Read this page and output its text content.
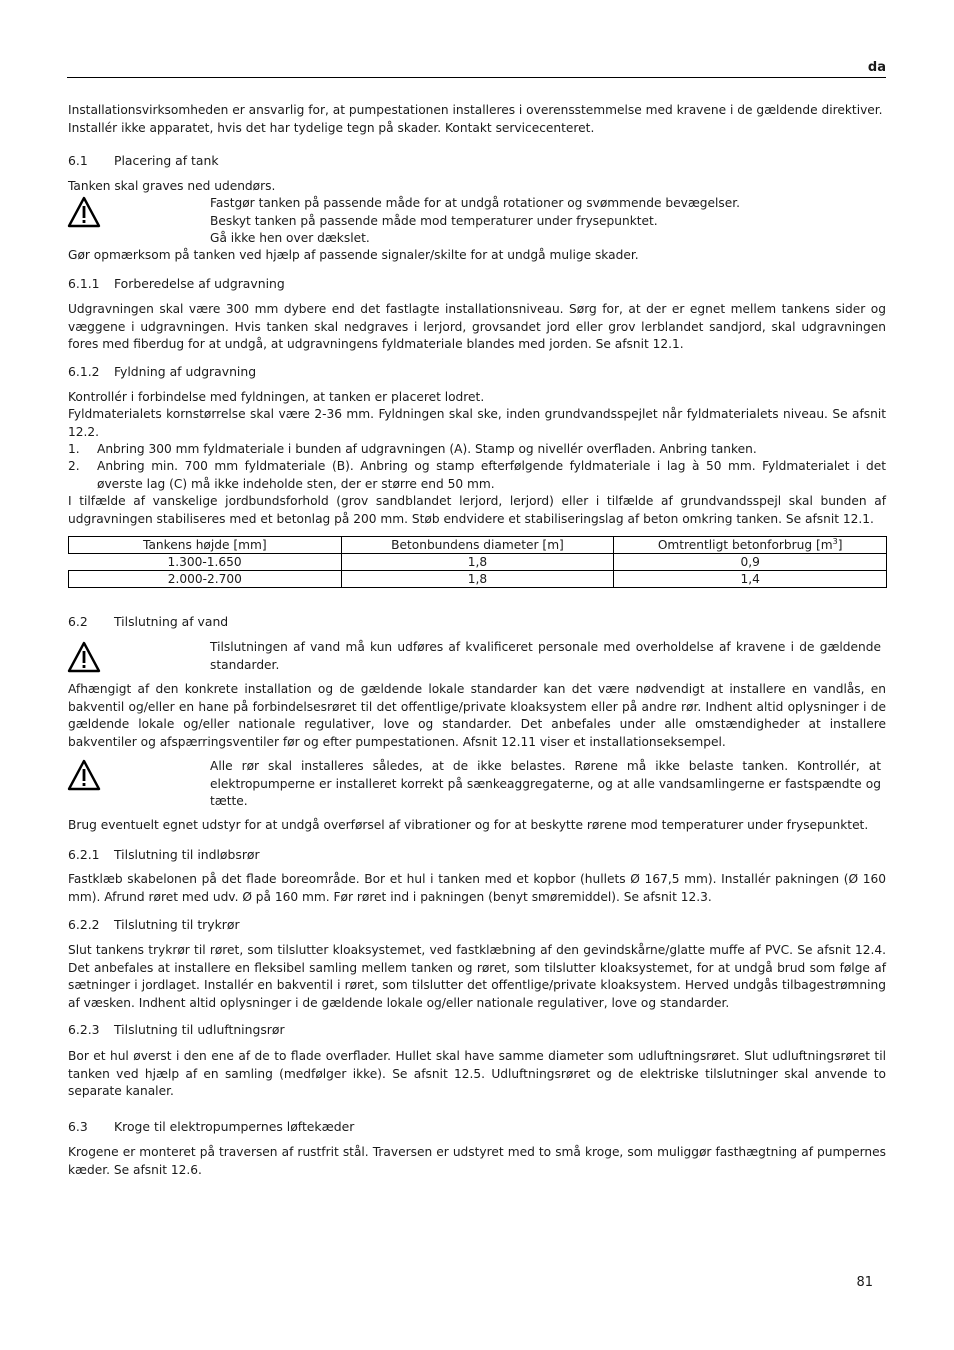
da

Installationsvirksomheden er ansvarlig for, at pumpestationen installeres i overensstemmelse med kravene i de gældende direktiver.
Installér ikke apparatet, hvis det har tydelige tegn på skader. Kontakt servicecenteret.

6.1 Placering af tank

Tanken skal graves ned udendørs.

Fastgør tanken på passende måde for at undgå rotationer og svømmende bevægelser.
Beskyt tanken på passende måde mod temperaturer under frysepunktet.
Gå ikke hen over dækslet.

Gør opmærksom på tanken ved hjælp af passende signaler/skilte for at undgå mulige skader.

6.1.1 Forberedelse af udgravning

Udgravningen skal være 300 mm dybere end det fastlagte installationsniveau. Sørg for, at der er egnet mellem tankens sider og væggene i udgravningen. Hvis tanken skal nedgraves i lerjord, grovsandet jord eller grov lerblandet sandjord, skal udgravningen fores med fiberdug for at undgå, at udgravningens fyldmateriale blandes med jorden. Se afsnit 12.1.

6.1.2 Fyldning af udgravning

Kontrollér i forbindelse med fyldningen, at tanken er placeret lodret.

Fyldmaterialets kornstørrelse skal være 2-36 mm. Fyldningen skal ske, inden grundvandsspejlet når fyldmaterialets niveau. Se afsnit 12.2.

1. Anbring 300 mm fyldmateriale i bunden af udgravningen (A). Stamp og nivellér overfladen. Anbring tanken.
2. Anbring min. 700 mm fyldmateriale (B). Anbring og stamp efterfølgende fyldmateriale i lag à 50 mm. Fyldmaterialet i det øverste lag (C) må ikke indeholde sten, der er større end 50 mm.

I tilfælde af vanskelige jordbundsforhold (grov sandblandet lerjord, lerjord) eller i tilfælde af grundvandsspejl skal bunden af udgravningen stabiliseres med et betonlag på 200 mm. Støb endvidere et stabiliseringslag af beton omkring tanken. Se afsnit 12.1.

Tankens højde [mm]	Betonbundens diameter [m]	Omtrentligt betonforbrug $[m^3]$
1.300-1.650	1,8	0,9
2.000-2.700	1,8	1,4
6.2 Tilslutning af vand

Tilslutningen af vand må kun udføres af kvalificeret personale med overholdelse af kravene i de gældende standarder.

Afhængigt af den konkrete installation og de gældende lokale standarder kan det være nødvendigt at installere en vandlås, en bakventil og/eller en hane på forbindelsesrøret til det offentlige/private kloaksystem eller på andre rør. Indhent altid oplysninger i de gældende lokale og/eller nationale regulativer, love og standarder. Det anbefales under alle omstændigheder at installere bakventiler og afspærringsventiler før og efter pumpestationen. Afsnit 12.11 viser et installationseksempel.

Alle rør skal installeres således, at de ikke belastes. Rørene må ikke belaste tanken. Kontrollér, at elektropumperne er installeret korrekt på sænkeaggregaterne, og at alle vandsamlingerne er fastspændte og tætte.

Brug eventuelt egnet udstyr for at undgå overførsel af vibrationer og for at beskytte rørene mod temperaturer under frysepunktet.

6.2.1 Tilslutning til indløbsrør

Fastklæb skabelonen på det flade boreområde. Bor et hul i tanken med et kopbor (hullets Ø 167,5 mm). Installér pakningen (Ø 160 mm). Afrund røret med udv. Ø på 160 mm. Før røret ind i pakningen (benyt smøremiddel). Se afsnit 12.3.

6.2.2 Tilslutning til trykrør

Slut tankens trykrør til røret, som tilslutter kloaksystemet, ved fastklæbning af den gevindskårne/glatte muffe af PVC. Se afsnit 12.4. Det anbefales at installere en fleksibel samling mellem tanken og røret, som tilslutter kloaksystemet, for at undgå brud som følge af sætninger i jordlaget. Installér en bakventil i røret, som tilslutter det offentlige/private kloaksystem. Herved undgås tilbagestrømning af væsken. Indhent altid oplysninger i de gældende lokale og/eller nationale regulativer, love og standarder.

6.2.3 Tilslutning til udluftningsrør

Bor et hul øverst i den ene af de to flade overflader. Hullet skal have samme diameter som udluftningsrøret. Slut udluftningsrøret til tanken ved hjælp af en samling (medfølger ikke). Se afsnit 12.5. Udluftningsrøret og de elektriske tilslutninger skal anvende to separate kanaler.

6.3 Kroge til elektropumpernes løftekæder

Krogene er monteret på traversen af rustfrit stål. Traversen er udstyret med to små kroge, som muliggør fasthægtning af pumpernes kæder. Se afsnit 12.6.

81
